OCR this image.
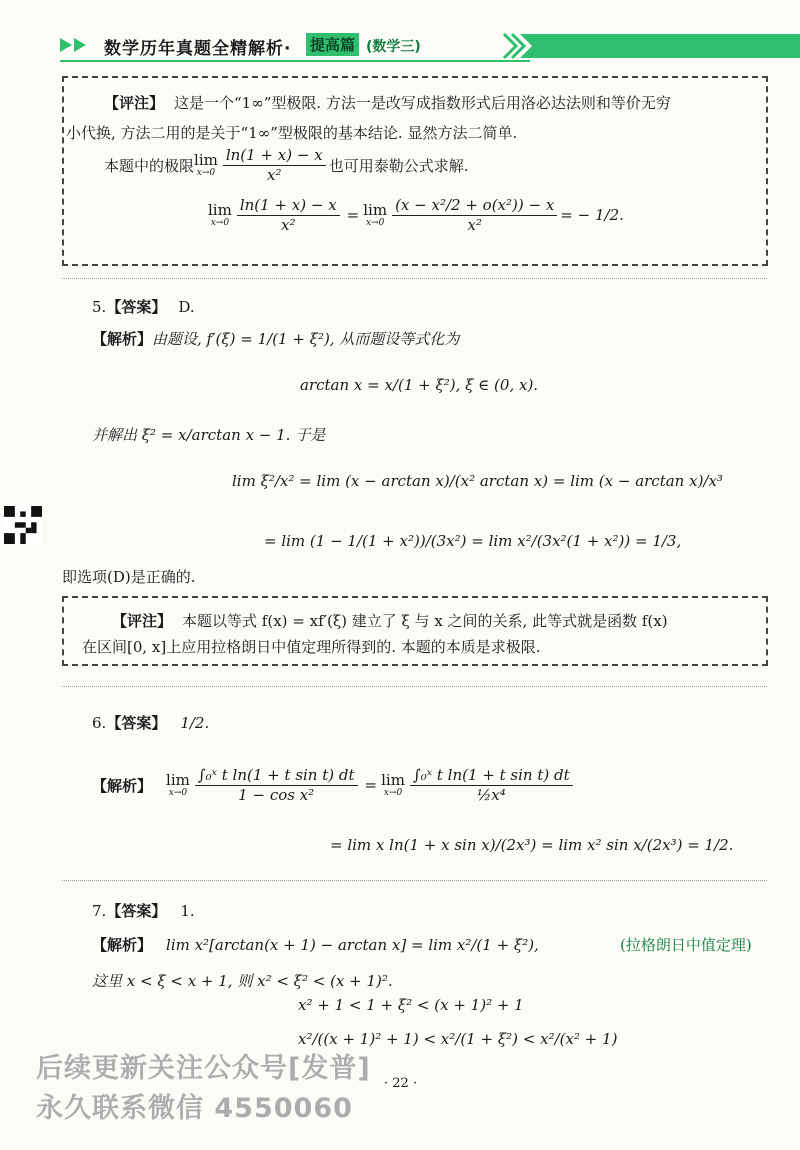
数学历年真题全精解析· 提高篇 (数学三)
【评注】 这是一个“1∞”型极限. 方法一是改写成指数形式后用洛必达法则和等价无穷
小代换, 方法二用的是关于“1∞”型极限的基本结论. 显然方法二简单.
本题中的极限 lim
x→0
ln(1 + x) − x
x²	也可用泰勒公式求解.
lim
$x\to 0 \frac{\ln(1 + x) - x}{\text{x²}} = \lim$
$x\to 0 \frac{\text{(x − x²/2 + o(x²)) − x}}{\text{x²}}$ = − 1/2.
5. 【答案】 D.
【解析】 由题设, f′(ξ) = 1/(1 + ξ²), 从而题设等式化为
arctan x = x/(1 + ξ²), ξ ∈ (0, x).
并解出 ξ² = x/arctan x − 1. 于是
lim ξ²/x² = lim (x − arctan x)/(x² arctan x) = lim (x − arctan x)/x³
= lim (1 − 1/(1 + x²))/(3x²) = lim x²/(3x²(1 + x²)) = 1/3,
即选项(D)是正确的.
【评注】 本题以等式 f(x) = xf′(ξ) 建立了 ξ 与 x 之间的关系, 此等式就是函数 f(x)
在区间[0, x]上应用拉格朗日中值定理所得到的. 本题的本质是求极限.
6. 【答案】 1/2.
【解析】 lim
$x\to 0 \frac{\text{∫₀ˣ t ln(1 + t sin t) dt}}{\text{1 − cos x²}} = \lim$
x→0
∫₀ˣ t ln(1 + t sin t) dt
½x⁴
= lim x ln(1 + x sin x)/(2x³) = lim x² sin x/(2x³) = 1/2.
7. 【答案】 1.
【解析】 lim x²[arctan(x + 1) − arctan x] = lim x²/(1 + ξ²),	(拉格朗日中值定理)
这里 x < ξ < x + 1, 则 x² < ξ² < (x + 1)².
x² + 1 < 1 + ξ² < (x + 1)² + 1
x²/((x + 1)² + 1) < x²/(1 + ξ²) < x²/(x² + 1)
· 22 ·
后续更新关注公众号[发普]
永久联系微信 4550060
